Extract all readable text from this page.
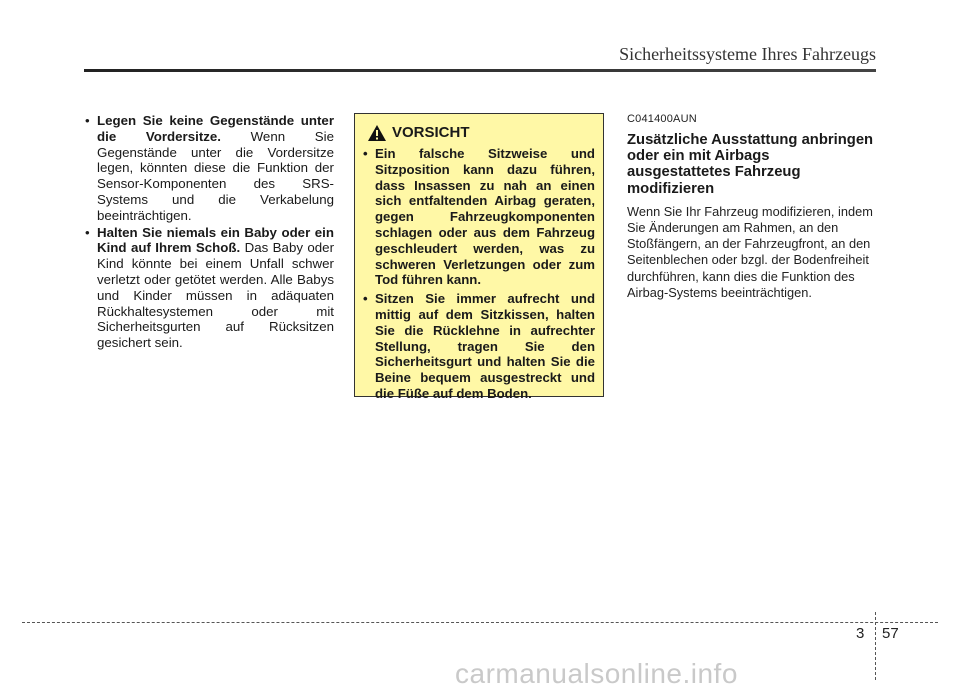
Sicherheitssysteme Ihres Fahrzeugs
• Legen Sie keine Gegenstände unter die Vordersitze. Wenn Sie Gegenstände unter die Vordersitze legen, könnten diese die Funktion der Sensor-Komponenten des SRS-Systems und die Verkabelung beeinträchtigen.
• Halten Sie niemals ein Baby oder ein Kind auf Ihrem Schoß. Das Baby oder Kind könnte bei einem Unfall schwer verletzt oder getötet werden. Alle Babys und Kinder müssen in adäquaten Rückhaltesystemen oder mit Sicherheitsgurten auf Rücksitzen gesichert sein.
VORSICHT
• Ein falsche Sitzweise und Sitzposition kann dazu führen, dass Insassen zu nah an einen sich entfaltenden Airbag geraten, gegen Fahrzeugkomponenten schlagen oder aus dem Fahrzeug geschleudert werden, was zu schweren Verletzungen oder zum Tod führen kann.
• Sitzen Sie immer aufrecht und mittig auf dem Sitzkissen, halten Sie die Rücklehne in aufrechter Stellung, tragen Sie den Sicherheitsgurt und halten Sie die Beine bequem ausgestreckt und die Füße auf dem Boden.
C041400AUN
Zusätzliche Ausstattung anbringen oder ein mit Airbags ausgestattetes Fahrzeug modifizieren
Wenn Sie Ihr Fahrzeug modifizieren, indem Sie Änderungen am Rahmen, an den Stoßfängern, an der Fahrzeugfront, an den Seitenblechen oder bzgl. der Bodenfreiheit durchführen, kann dies die Funktion des Airbag-Systems beeinträchtigen.
3 57
carmanualsonline.info
